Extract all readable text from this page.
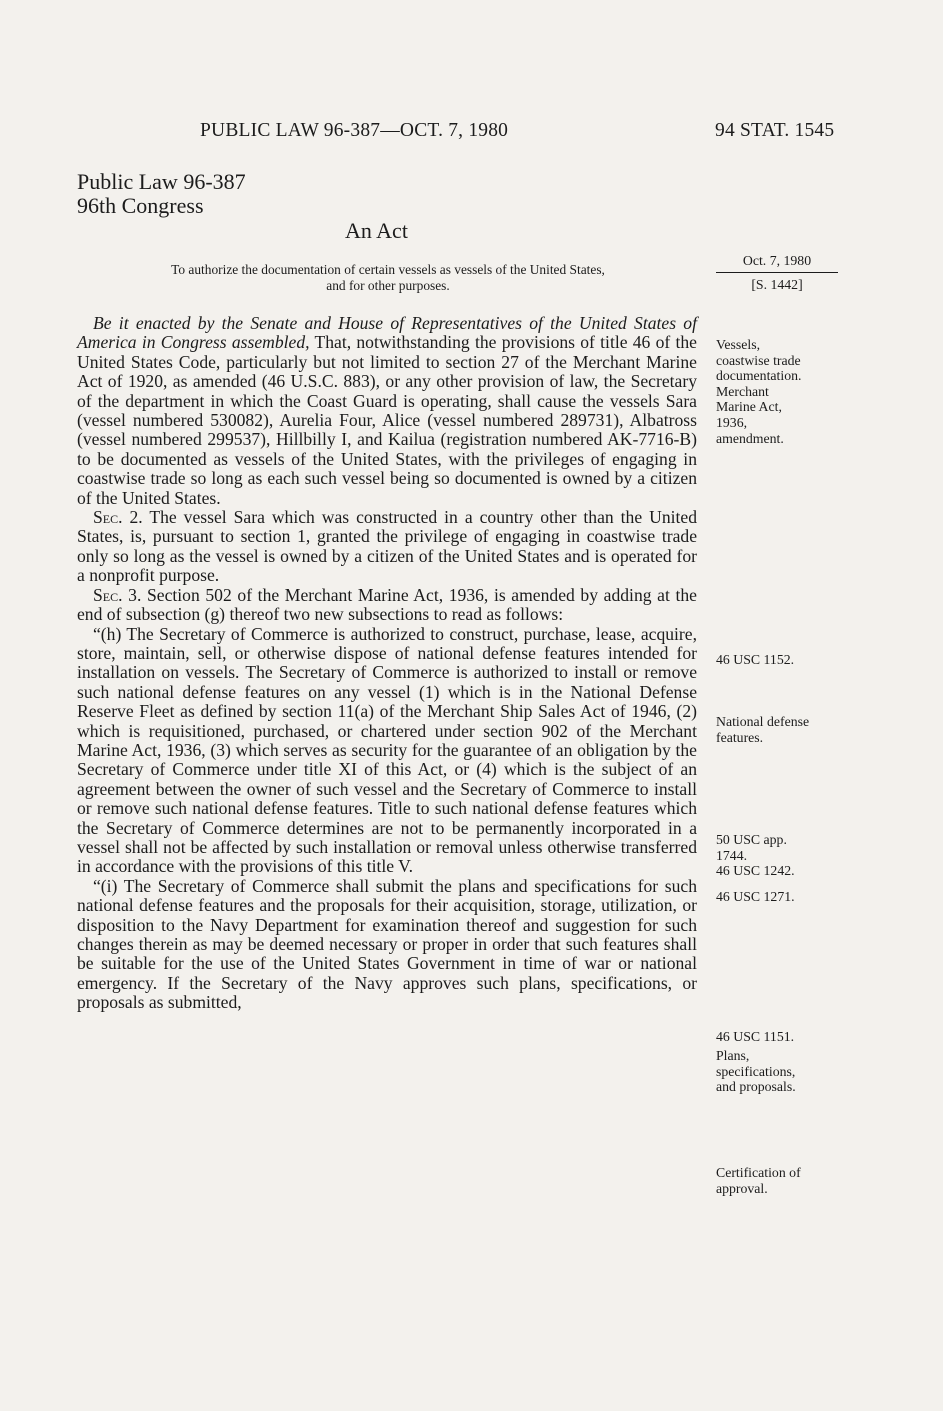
PUBLIC LAW 96-387—OCT. 7, 1980	94 STAT. 1545
Public Law 96-387
96th Congress
An Act
To authorize the documentation of certain vessels as vessels of the United States,
and for other purposes.
Oct. 7, 1980
[S. 1442]

Be it enacted by the Senate and House of Representatives of the United States of America in Congress assembled, That, notwithstanding the provisions of title 46 of the United States Code, particularly but not limited to section 27 of the Merchant Marine Act of 1920, as amended (46 U.S.C. 883), or any other provision of law, the Secretary of the department in which the Coast Guard is operating, shall cause the vessels Sara (vessel numbered 530082), Aurelia Four, Alice (vessel numbered 289731), Albatross (vessel numbered 299537), Hillbilly I, and Kailua (registration numbered AK-7716-B) to be documented as vessels of the United States, with the privileges of engaging in coastwise trade so long as each such vessel being so documented is owned by a citizen of the United States.

Sec. 2. The vessel Sara which was constructed in a country other than the United States, is, pursuant to section 1, granted the privilege of engaging in coastwise trade only so long as the vessel is owned by a citizen of the United States and is operated for a nonprofit purpose.

Sec. 3. Section 502 of the Merchant Marine Act, 1936, is amended by adding at the end of subsection (g) thereof two new subsections to read as follows:

“(h) The Secretary of Commerce is authorized to construct, purchase, lease, acquire, store, maintain, sell, or otherwise dispose of national defense features intended for installation on vessels. The Secretary of Commerce is authorized to install or remove such national defense features on any vessel (1) which is in the National Defense Reserve Fleet as defined by section 11(a) of the Merchant Ship Sales Act of 1946, (2) which is requisitioned, purchased, or chartered under section 902 of the Merchant Marine Act, 1936, (3) which serves as security for the guarantee of an obligation by the Secretary of Commerce under title XI of this Act, or (4) which is the subject of an agreement between the owner of such vessel and the Secretary of Commerce to install or remove such national defense features. Title to such national defense features which the Secretary of Commerce determines are not to be permanently incorporated in a vessel shall not be affected by such installation or removal unless otherwise transferred in accordance with the provisions of this title V.

“(i) The Secretary of Commerce shall submit the plans and specifications for such national defense features and the proposals for their acquisition, storage, utilization, or disposition to the Navy Department for examination thereof and suggestion for such changes therein as may be deemed necessary or proper in order that such features shall be suitable for the use of the United States Government in time of war or national emergency. If the Secretary of the Navy approves such plans, specifications, or proposals as submitted,

Vessels,
coastwise trade
documentation.
Merchant
Marine Act,
1936,
amendment.
46 USC 1152.
National defense
features.
50 USC app.
1744.
46 USC 1242.
46 USC 1271.
46 USC 1151.
Plans,
specifications,
and proposals.
Certification of
approval.
